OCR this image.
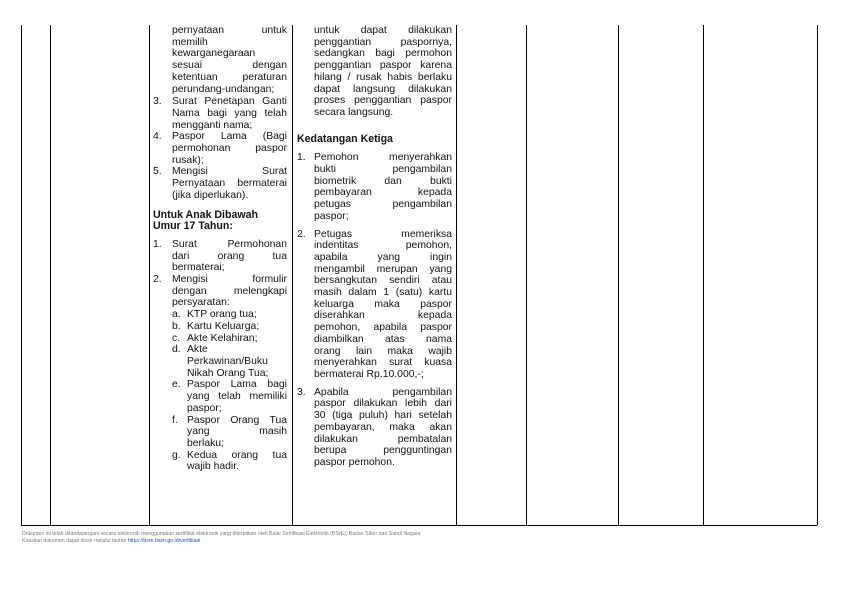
pernyataan untuk
memilih
kewarganegaraan
sesuai dengan
ketentuan peraturan
perundang-undangan;
3. Surat Penetapan Ganti
Nama bagi yang telah
mengganti nama;
4. Paspor Lama (Bagi
permohonan paspor
rusak);
5. Mengisi Surat
Pernyataan bermaterai
(jika diperlukan).
Untuk Anak Dibawah
Umur 17 Tahun:
1. Surat Permohonan
dari orang tua
bermaterai;
2. Mengisi formulir
dengan melengkapi
persyaratan:
a. KTP orang tua;
b. Kartu Keluarga;
c. Akte Kelahiran;
d. Akte
Perkawinan/Buku
Nikah Orang Tua;
e. Paspor Lama bagi
yang telah memiliki
paspor;
f. Paspor Orang Tua
yang masih
berlaku;
g. Kedua orang tua
wajib hadir.
untuk dapat dilakukan
penggantian paspornya,
sedangkan bagi permohon
penggantian paspor karena
hilang / rusak habis berlaku
dapat langsung dilakukan
proses penggantian paspor
secara langsung.
Kedatangan Ketiga
1. Pemohon menyerahkan
bukti pengambilan
biometrik dan bukti
pembayaran kepada
petugas pengambilan
paspor;
2. Petugas memeriksa
indentitas pemohon,
apabila yang ingin
mengambil merupan yang
bersangkutan sendiri atau
masih dalam 1 (satu) kartu
keluarga maka paspor
diserahkan kepada
pemohon, apabila paspor
diambilkan atas nama
orang lain maka wajib
menyerahkan surat kuasa
bermaterai Rp.10.000,-;
3. Apabila pengambilan
paspor dilakukan lebih dari
30 (tiga puluh) hari setelah
pembayaran, maka akan
dilakukan pembatalan
berupa pengguntingan
paspor pemohon.
Dokumen ini telah ditandatangani secara elektronik menggunakan sertifikat elektronik yang diterbitkan oleh Balai Sertifikasi Elektronik (BSrE), Badan Siber dan Sandi Negara
Keaslian dokumen dapat dicek melalui tautan https://bsre.bssn.go.id/verifikasi
